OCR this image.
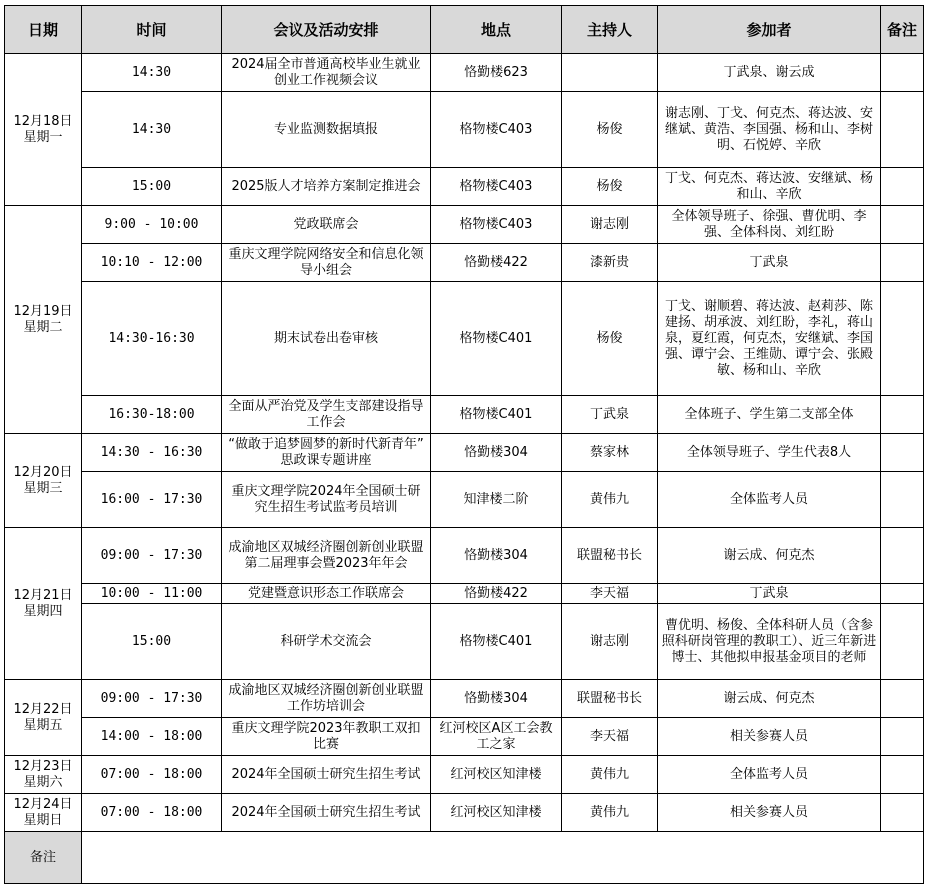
日期	时间	会议及活动安排	地点	主持人	参加者	备注
12月18日
星期一	14:30	2024届全市普通高校毕业生就业创业工作视频会议	恪勤楼623		丁武泉、谢云成	
	14:30	专业监测数据填报	格物楼C403	杨俊	谢志刚、丁戈、何克杰、蒋达波、安继斌、黄浩、李国强、杨和山、李树明、石悦婷、辛欣	
	15:00	2025版人才培养方案制定推进会	格物楼C403	杨俊	丁戈、何克杰、蒋达波、安继斌、杨和山、辛欣	
12月19日
星期二	9:00 - 10:00	党政联席会	格物楼C403	谢志刚	全体领导班子、徐强、曹优明、李强、全体科岗、刘红盼	
	10:10 - 12:00	重庆文理学院网络安全和信息化领导小组会	恪勤楼422	漆新贵	丁武泉	
	14:30-16:30	期末试卷出卷审核	格物楼C401	杨俊	丁戈、谢顺碧、蒋达波、赵莉莎、陈建扬、胡承波、刘红盼，李礼，蒋山泉，夏红霞，何克杰，安继斌、李国强、谭宁会、王维勋、谭宁会、张殿敏、杨和山、辛欣	
	16:30-18:00	全面从严治党及学生支部建设指导工作会	格物楼C401	丁武泉	全体班子、学生第二支部全体	
12月20日
星期三	14:30 - 16:30	“做敢于追梦圆梦的新时代新青年” 思政课专题讲座	恪勤楼304	蔡家林	全体领导班子、学生代表8人	
	16:00 - 17:30	重庆文理学院2024年全国硕士研究生招生考试监考员培训	知津楼二阶	黄伟九	全体监考人员	
12月21日
星期四	09:00 - 17:30	成渝地区双城经济圈创新创业联盟第二届理事会暨2023年年会	恪勤楼304	联盟秘书长	谢云成、何克杰	
	10:00 - 11:00	党建暨意识形态工作联席会	恪勤楼422	李天福	丁武泉	
	15:00	科研学术交流会	格物楼C401	谢志刚	曹优明、杨俊、全体科研人员（含参照科研岗管理的教职工）、近三年新进博士、其他拟申报基金项目的老师	
12月22日
星期五	09:00 - 17:30	成渝地区双城经济圈创新创业联盟工作坊培训会	恪勤楼304	联盟秘书长	谢云成、何克杰	
	14:00 - 18:00	重庆文理学院2023年教职工双扣比赛	红河校区A区工会教工之家	李天福	相关参赛人员	
12月23日
星期六	07:00 - 18:00	2024年全国硕士研究生招生考试	红河校区知津楼	黄伟九	全体监考人员	
12月24日
星期日	07:00 - 18:00	2024年全国硕士研究生招生考试	红河校区知津楼	黄伟九	相关参赛人员	
备注						
